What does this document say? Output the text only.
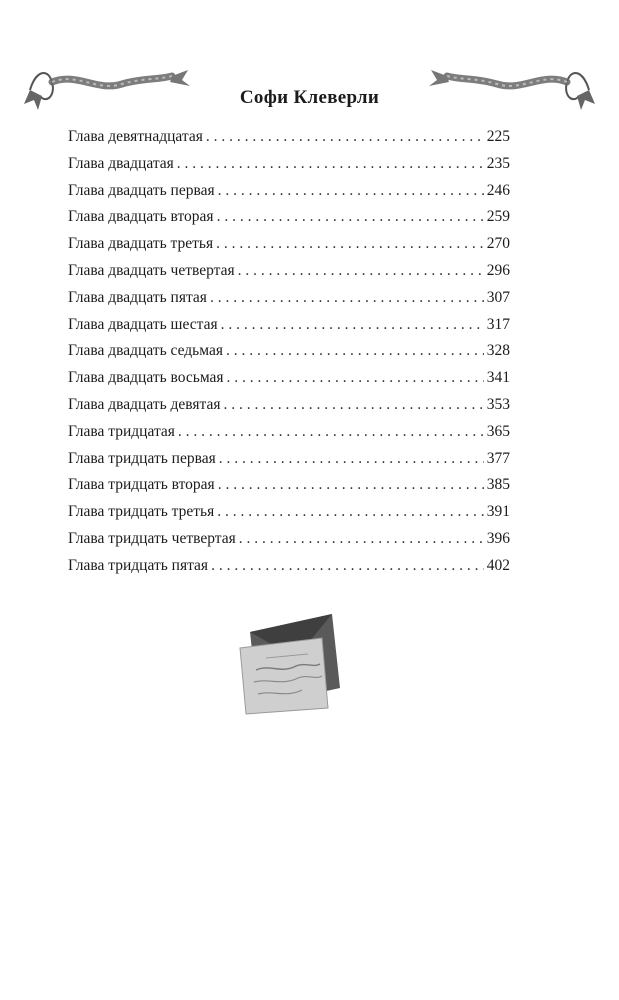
Софи Клеверли
Глава девятнадцатая . . .	225
Глава двадцатая . . .	235
Глава двадцать первая . . .	246
Глава двадцать вторая . . .	259
Глава двадцать третья . . .	270
Глава двадцать четвертая . . .	296
Глава двадцать пятая . . .	307
Глава двадцать шестая . . .	317
Глава двадцать седьмая . . .	328
Глава двадцать восьмая . . .	341
Глава двадцать девятая . . .	353
Глава тридцатая . . .	365
Глава тридцать первая . . .	377
Глава тридцать вторая . . .	385
Глава тридцать третья . . .	391
Глава тридцать четвертая . . .	396
Глава тридцать пятая . . .	402
